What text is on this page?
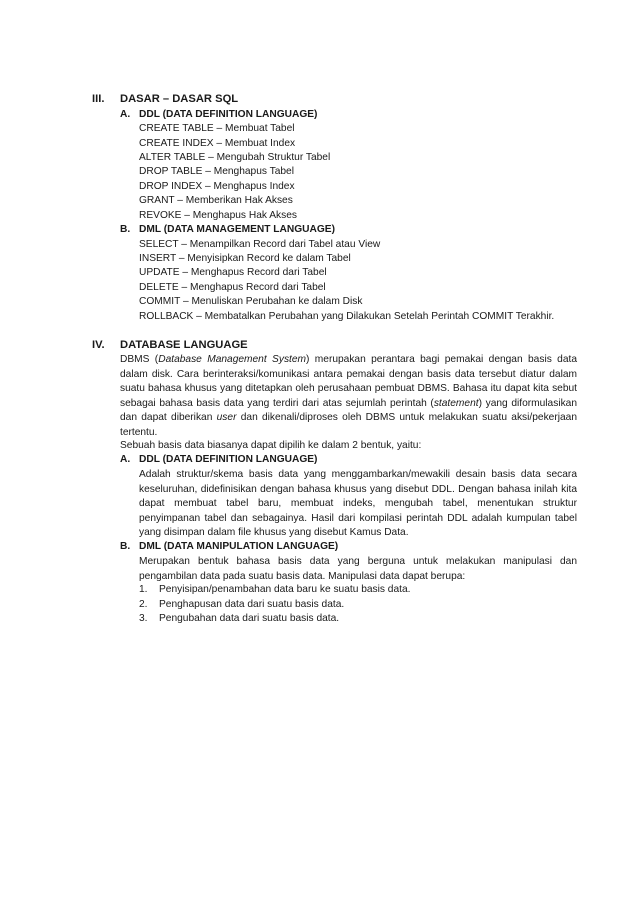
III. DASAR – DASAR SQL
A. DDL (DATA DEFINITION LANGUAGE)
CREATE TABLE – Membuat Tabel
CREATE INDEX – Membuat Index
ALTER TABLE – Mengubah Struktur Tabel
DROP TABLE – Menghapus Tabel
DROP INDEX – Menghapus Index
GRANT – Memberikan Hak Akses
REVOKE – Menghapus Hak Akses
B. DML (DATA MANAGEMENT LANGUAGE)
SELECT – Menampilkan Record dari Tabel atau View
INSERT – Menyisipkan Record ke dalam Tabel
UPDATE – Menghapus Record dari Tabel
DELETE – Menghapus Record dari Tabel
COMMIT – Menuliskan Perubahan ke dalam Disk
ROLLBACK – Membatalkan Perubahan yang Dilakukan Setelah Perintah COMMIT Terakhir.
IV. DATABASE LANGUAGE

DBMS (Database Management System) merupakan perantara bagi pemakai dengan basis data dalam disk. Cara berinteraksi/komunikasi antara pemakai dengan basis data tersebut diatur dalam suatu bahasa khusus yang ditetapkan oleh perusahaan pembuat DBMS. Bahasa itu dapat kita sebut sebagai bahasa basis data yang terdiri dari atas sejumlah perintah (statement) yang diformulasikan dan dapat diberikan user dan dikenali/diproses oleh DBMS untuk melakukan suatu aksi/pekerjaan tertentu.

Sebuah basis data biasanya dapat dipilih ke dalam 2 bentuk, yaitu:
A. DDL (DATA DEFINITION LANGUAGE)

Adalah struktur/skema basis data yang menggambarkan/mewakili desain basis data secara keseluruhan, didefinisikan dengan bahasa khusus yang disebut DDL. Dengan bahasa inilah kita dapat membuat tabel baru, membuat indeks, mengubah tabel, menentukan struktur penyimpanan tabel dan sebagainya. Hasil dari kompilasi perintah DDL adalah kumpulan tabel yang disimpan dalam file khusus yang disebut Kamus Data.

B. DML (DATA MANIPULATION LANGUAGE)

Merupakan bentuk bahasa basis data yang berguna untuk melakukan manipulasi dan pengambilan data pada suatu basis data. Manipulasi data dapat berupa:

1. Penyisipan/penambahan data baru ke suatu basis data.
2. Penghapusan data dari suatu basis data.
3. Pengubahan data dari suatu basis data.
